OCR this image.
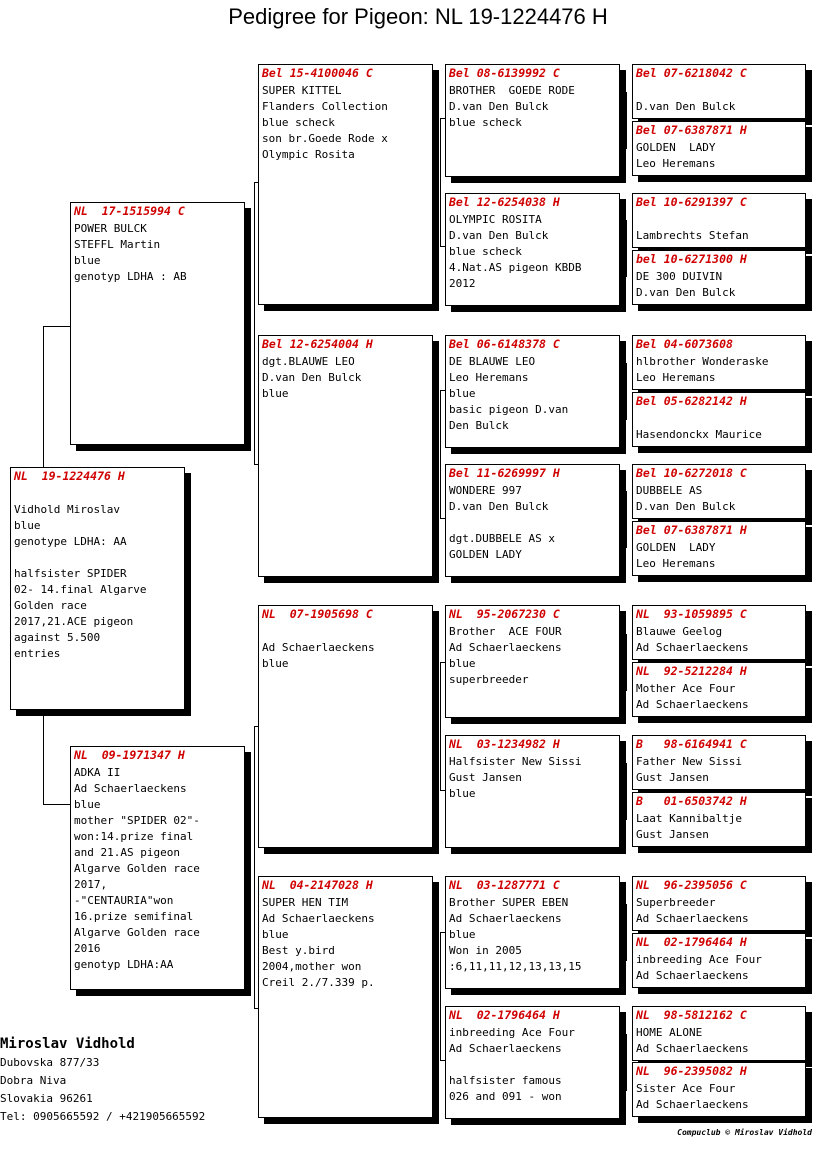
Pedigree for Pigeon: NL 19-1224476 H
NL  19-1224476 H

Vidhold Miroslav
blue
genotype LDHA: AA

halfsister SPIDER
02- 14.final Algarve
Golden race
2017,21.ACE pigeon
against 5.500
entries
NL  17-1515994 C
POWER BULCK
STEFFL Martin
blue
genotyp LDHA : AB
NL  09-1971347 H
ADKA II
Ad Schaerlaeckens
blue
mother "SPIDER 02"-
won:14.prize final
and 21.AS pigeon
Algarve Golden race
2017,
-"CENTAURIA"won
16.prize semifinal
Algarve Golden race
2016
genotyp LDHA:AA
Bel 15-4100046 C
SUPER KITTEL
Flanders Collection
blue scheck
son br.Goede Rode x
Olympic Rosita
Bel 12-6254004 H
dgt.BLAUWE LEO
D.van Den Bulck
blue
NL  07-1905698 C

Ad Schaerlaeckens
blue
NL  04-2147028 H
SUPER HEN TIM
Ad Schaerlaeckens
blue
Best y.bird
2004,mother won
Creil 2./7.339 p.
Bel 08-6139992 C
BROTHER  GOEDE RODE
D.van Den Bulck
blue scheck
Bel 12-6254038 H
OLYMPIC ROSITA
D.van Den Bulck
blue scheck
4.Nat.AS pigeon KBDB
2012
Bel 06-6148378 C
DE BLAUWE LEO
Leo Heremans
blue
basic pigeon D.van
Den Bulck
Bel 11-6269997 H
WONDERE 997
D.van Den Bulck

dgt.DUBBELE AS x
GOLDEN LADY
NL  95-2067230 C
Brother  ACE FOUR
Ad Schaerlaeckens
blue
superbreeder
NL  03-1234982 H
Halfsister New Sissi
Gust Jansen
blue
NL  03-1287771 C
Brother SUPER EBEN
Ad Schaerlaeckens
blue
Won in 2005
:6,11,11,12,13,13,15
NL  02-1796464 H
inbreeding Ace Four
Ad Schaerlaeckens

halfsister famous
026 and 091 - won
Bel 07-6218042 C

D.van Den Bulck
Bel 07-6387871 H
GOLDEN  LADY
Leo Heremans
Bel 10-6291397 C

Lambrechts Stefan
bel 10-6271300 H
DE 300 DUIVIN
D.van Den Bulck
Bel 04-6073608
hlbrother Wonderaske
Leo Heremans
Bel 05-6282142 H

Hasendonckx Maurice
Bel 10-6272018 C
DUBBELE AS
D.van Den Bulck
Bel 07-6387871 H
GOLDEN  LADY
Leo Heremans
NL  93-1059895 C
Blauwe Geelog
Ad Schaerlaeckens
NL  92-5212284 H
Mother Ace Four
Ad Schaerlaeckens
B   98-6164941 C
Father New Sissi
Gust Jansen
B   01-6503742 H
Laat Kannibaltje
Gust Jansen
NL  96-2395056 C
Superbreeder
Ad Schaerlaeckens
NL  02-1796464 H
inbreeding Ace Four
Ad Schaerlaeckens
NL  98-5812162 C
HOME ALONE
Ad Schaerlaeckens
NL  96-2395082 H
Sister Ace Four
Ad Schaerlaeckens
Miroslav Vidhold
Dubovska 877/33
Dobra Niva
Slovakia 96261
Tel: 0905665592 / +421905665592
Compuclub © Miroslav Vidhold
